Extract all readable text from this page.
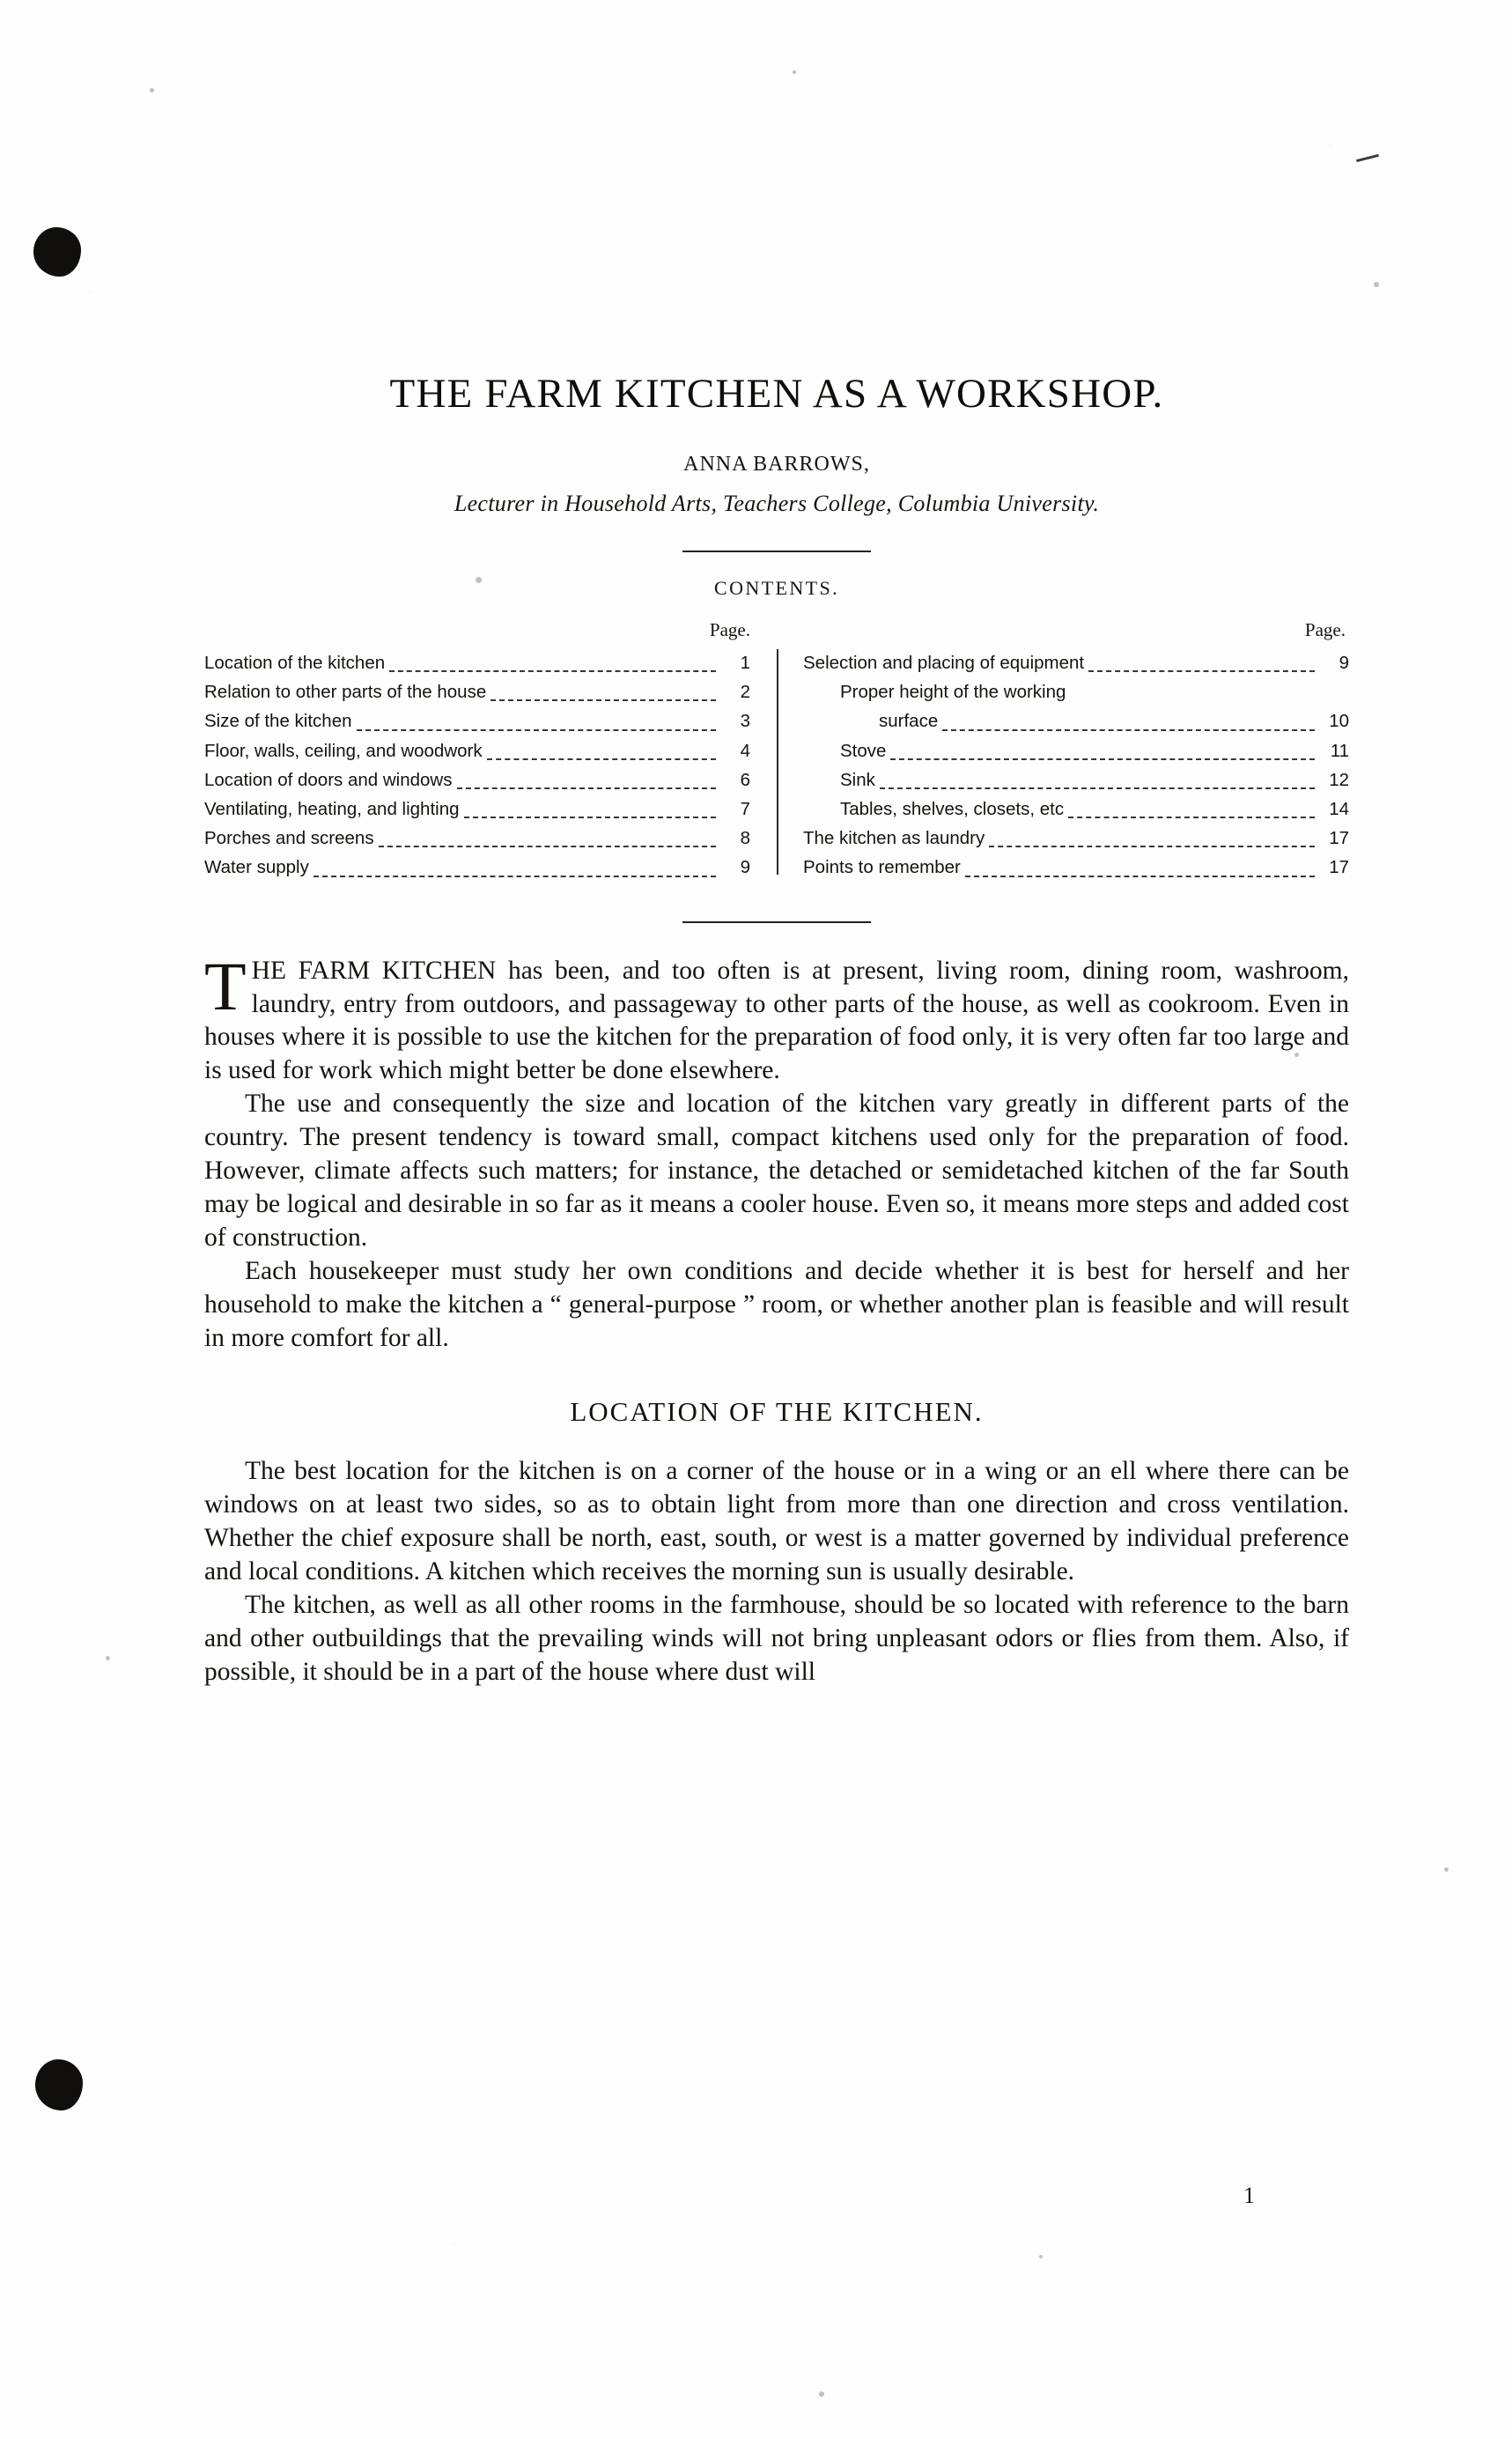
THE FARM KITCHEN AS A WORKSHOP.
ANNA BARROWS,
Lecturer in Household Arts, Teachers College, Columbia University.
CONTENTS.
Page.
Location of the kitchen	1
Relation to other parts of the house	2
Size of the kitchen	3
Floor, walls, ceiling, and woodwork	4
Location of doors and windows	6
Ventilating, heating, and lighting	7
Porches and screens	8
Water supply	9
Page.
Selection and placing of equipment	9
Proper height of the working
surface	10
Stove	11
Sink	12
Tables, shelves, closets, etc	14
The kitchen as laundry	17
Points to remember	17

THE FARM KITCHEN has been, and too often is at present, living room, dining room, washroom, laundry, entry from outdoors, and passageway to other parts of the house, as well as cookroom. Even in houses where it is possible to use the kitchen for the preparation of food only, it is very often far too large and is used for work which might better be done elsewhere.

The use and consequently the size and location of the kitchen vary greatly in different parts of the country. The present tendency is toward small, compact kitchens used only for the preparation of food. However, climate affects such matters; for instance, the detached or semidetached kitchen of the far South may be logical and desirable in so far as it means a cooler house. Even so, it means more steps and added cost of construction.

Each housekeeper must study her own conditions and decide whether it is best for herself and her household to make the kitchen a “ general-purpose ” room, or whether another plan is feasible and will result in more comfort for all.

LOCATION OF THE KITCHEN.

The best location for the kitchen is on a corner of the house or in a wing or an ell where there can be windows on at least two sides, so as to obtain light from more than one direction and cross ventilation. Whether the chief exposure shall be north, east, south, or west is a matter governed by individual preference and local conditions. A kitchen which receives the morning sun is usually desirable.

The kitchen, as well as all other rooms in the farmhouse, should be so located with reference to the barn and other outbuildings that the prevailing winds will not bring unpleasant odors or flies from them. Also, if possible, it should be in a part of the house where dust will

1
